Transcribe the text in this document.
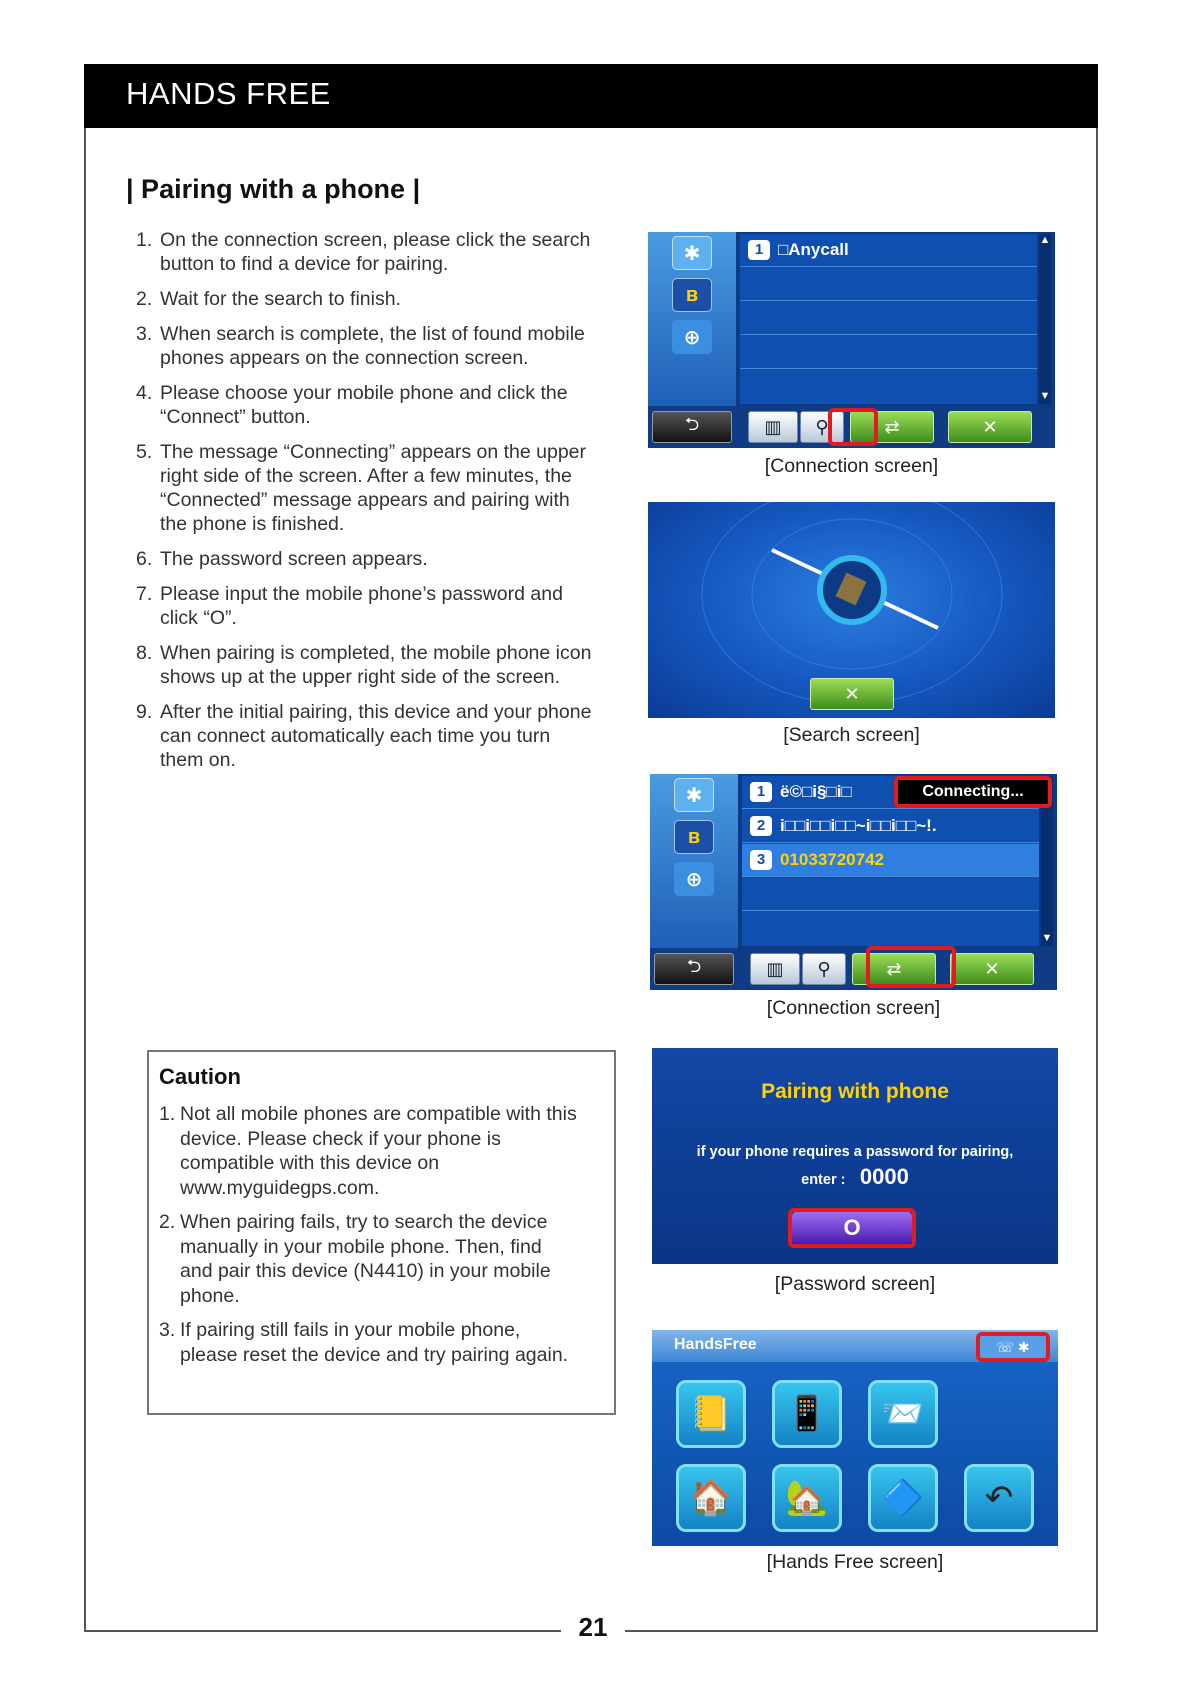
HANDS FREE
| Pairing with a phone |
1. On the connection screen, please click the search
button to find a device for pairing.
2. Wait for the search to finish.
3. When search is complete, the list of found mobile
phones appears on the connection screen.
4. Please choose your mobile phone and click the
“Connect” button.
5. The message “Connecting” appears on the upper
right side of the screen. After a few minutes, the
“Connected” message appears and pairing with
the phone is finished.
6. The password screen appears.
7. Please input the mobile phone’s password and
click “O”.
8. When pairing is completed, the mobile phone icon
shows up at the upper right side of the screen.
9. After the initial pairing, this device and your phone
can connect automatically each time you turn
them on.
Caution
1. Not all mobile phones are compatible with this
device. Please check if your phone is
compatible with this device on
www.myguidegps.com.
2. When pairing fails, try to search the device
manually in your mobile phone. Then, find
and pair this device (N4410) in your mobile
phone.
3. If pairing still fails in your mobile phone,
please reset the device and try pairing again.
✱
ʙ
⊕
1 □Anycall	▲
▼
⮌	▥	⚲	⇄	✕
[Connection screen]
✕
[Search screen]
✱
ʙ
⊕
1 ë©□i§□i□
2 i□□i□□i□□~i□□i□□~!.
3 01033720742
▼
Connecting...
⮌	▥	⚲	⇄	✕
[Connection screen]
Pairing with phone
if your phone requires a password for pairing,
enter : 0000
O
[Password screen]
HandsFree	☏ ✱
📒	📱	📨
🏠	🏡	🔷	↶
[Hands Free screen]
21
